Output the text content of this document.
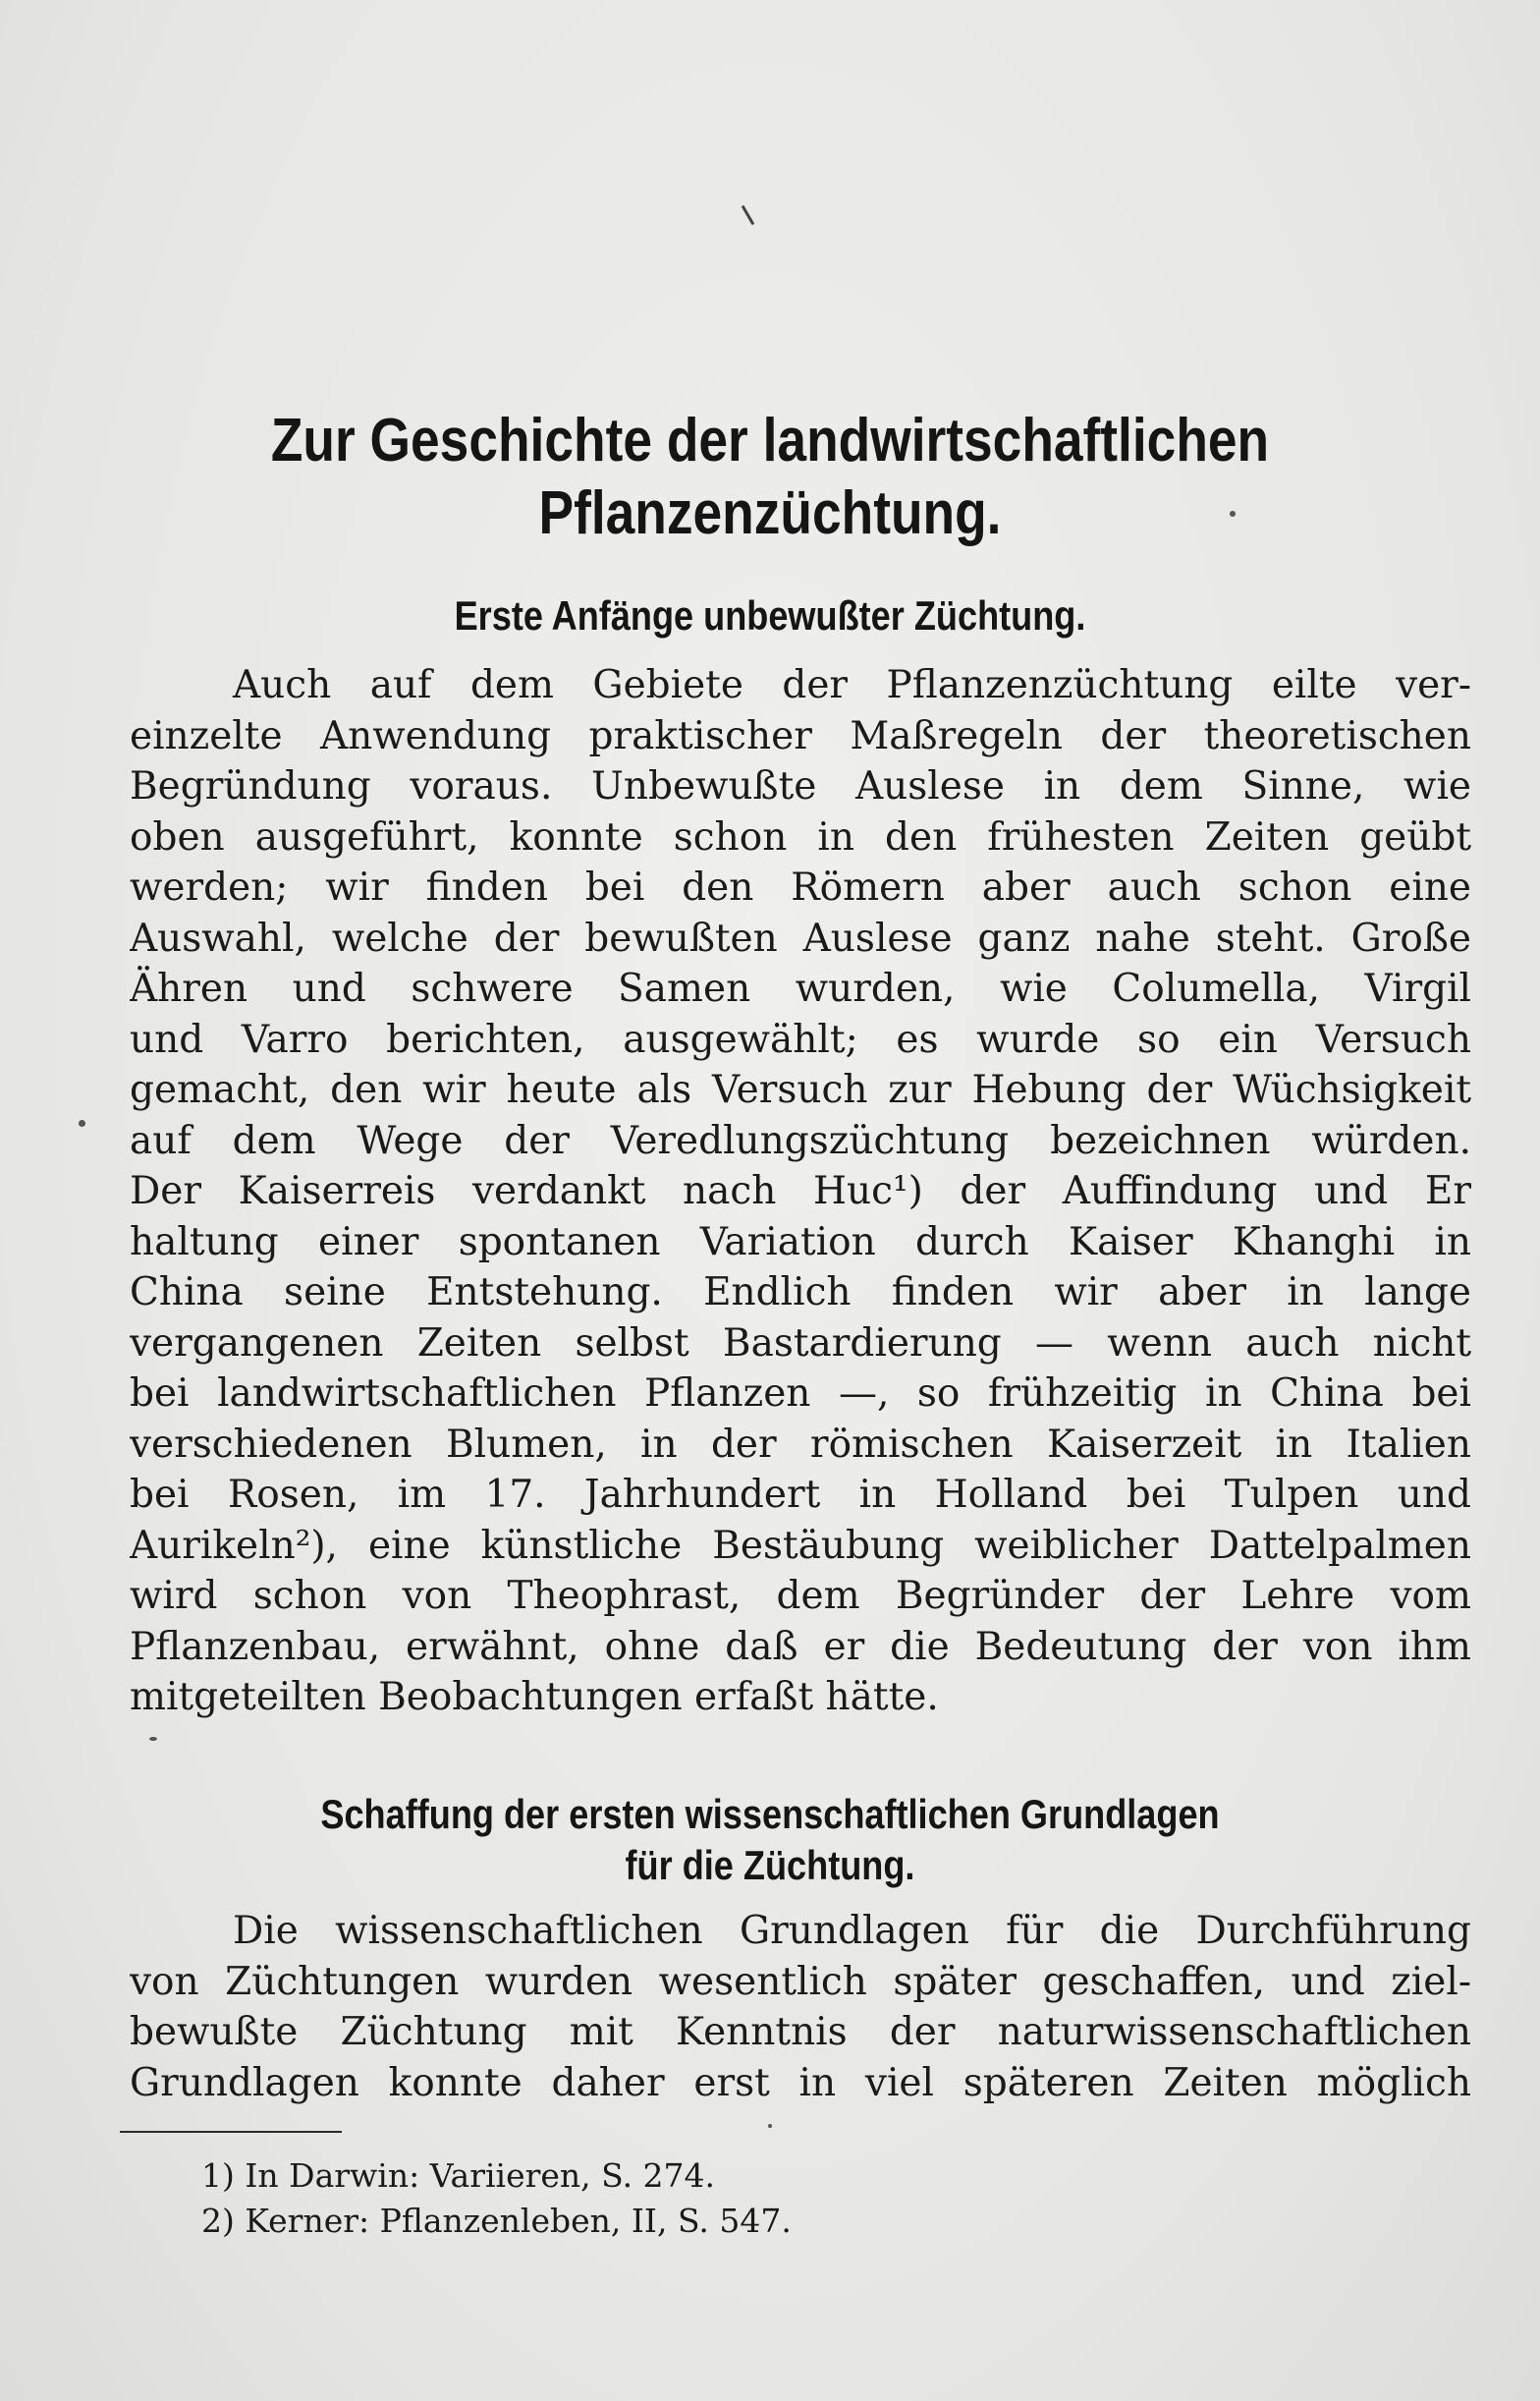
Zur Geschichte der landwirtschaftlichen
Pflanzenzüchtung.
Erste Anfänge unbewußter Züchtung.
Auch auf dem Gebiete der Pflanzenzüchtung eilte ver-
einzelte Anwendung praktischer Maßregeln der theoretischen
Begründung voraus. Unbewußte Auslese in dem Sinne, wie
oben ausgeführt, konnte schon in den frühesten Zeiten geübt
werden; wir finden bei den Römern aber auch schon eine
Auswahl, welche der bewußten Auslese ganz nahe steht. Große
Ähren und schwere Samen wurden, wie Columella, Virgil
und Varro berichten, ausgewählt; es wurde so ein Versuch
gemacht, den wir heute als Versuch zur Hebung der Wüchsigkeit
auf dem Wege der Veredlungszüchtung bezeichnen würden.
Der Kaiserreis verdankt nach Huc¹) der Auffindung und Er
haltung einer spontanen Variation durch Kaiser Khanghi in
China seine Entstehung. Endlich finden wir aber in lange
vergangenen Zeiten selbst Bastardierung — wenn auch nicht
bei landwirtschaftlichen Pflanzen —, so frühzeitig in China bei
verschiedenen Blumen, in der römischen Kaiserzeit in Italien
bei Rosen, im 17. Jahrhundert in Holland bei Tulpen und
Aurikeln²), eine künstliche Bestäubung weiblicher Dattelpalmen
wird schon von Theophrast, dem Begründer der Lehre vom
Pflanzenbau, erwähnt, ohne daß er die Bedeutung der von ihm
mitgeteilten Beobachtungen erfaßt hätte.
Schaffung der ersten wissenschaftlichen Grundlagen
für die Züchtung.
Die wissenschaftlichen Grundlagen für die Durchführung
von Züchtungen wurden wesentlich später geschaffen, und ziel-
bewußte Züchtung mit Kenntnis der naturwissenschaftlichen
Grundlagen konnte daher erst in viel späteren Zeiten möglich
1) In Darwin: Variieren, S. 274.
2) Kerner: Pflanzenleben, II, S. 547.
